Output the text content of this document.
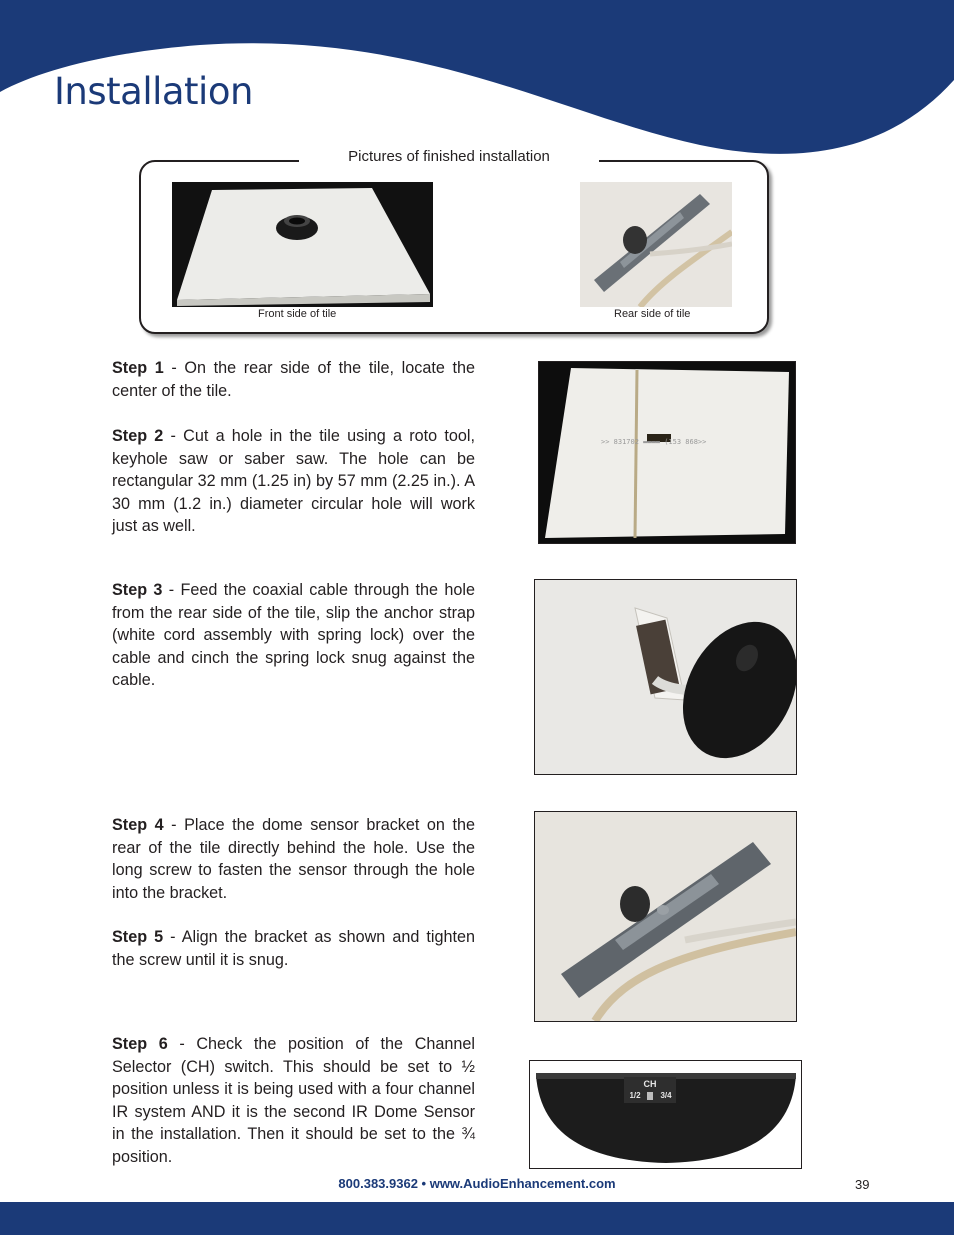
Installation
Pictures of finished installation
Front side of tile	Rear side of tile

Step 1 - On the rear side of the tile, locate the center of the tile.

Step 2 - Cut a hole in the tile using a roto tool, keyhole saw or saber saw. The hole can be rectangular 32 mm (1.25 in) by 57 mm (2.25 in.). A 30 mm (1.2 in.) diameter circular hole will work just as well.

>> 831702 ▬▬▬▬ (153 868>>

Step 3 - Feed the coaxial cable through the hole from the rear side of the tile, slip the anchor strap (white cord assembly with spring lock) over the cable and cinch the spring lock snug against the cable.

Step 4 - Place the dome sensor bracket on the rear of the tile directly behind the hole. Use the long screw to fasten the sensor through the hole into the bracket.

Step 5 - Align the bracket as shown and tighten the screw until it is snug.

Step 6 - Check the position of the Channel Selector (CH) switch. This should be set to ½ position unless it is being used with a four channel IR system AND it is the second IR Dome Sensor in the installation. Then it should be set to the ¾ position.

CH
1/2 3/4
800.383.9362 • www.AudioEnhancement.com	39
